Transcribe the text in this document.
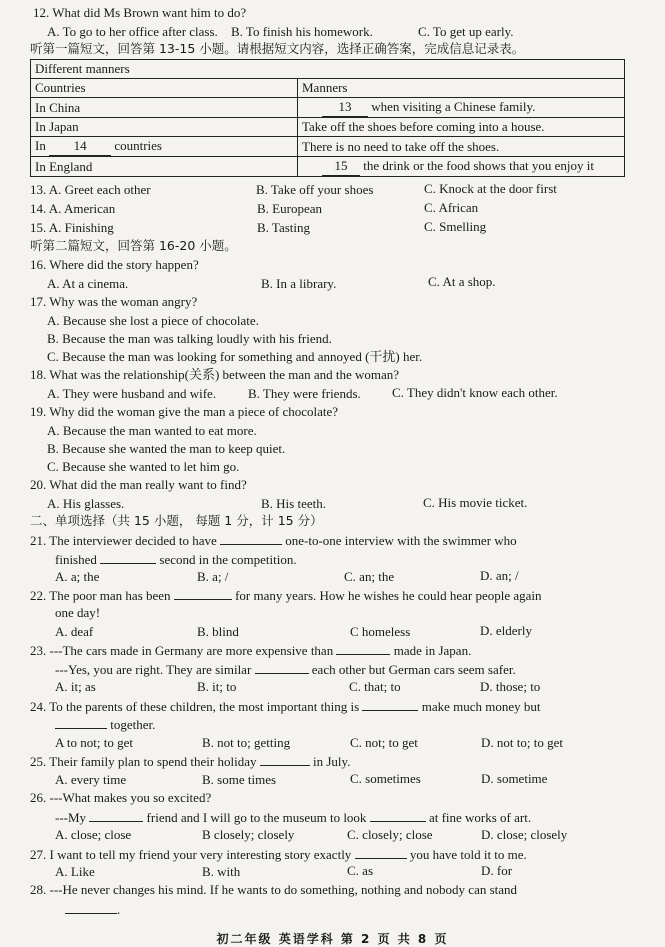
12. What did Ms Brown want him to do?
A. To go to her office after class. B. To finish his homework.	C. To get up early.
听第一篇短文，回答第 13-15 小题。请根据短文内容，选择正确答案，完成信息记录表。
Different manners	
Countries	Manners
In China	13 when visiting a Chinese family.
In Japan	Take off the shoes before coming into a house.
In 14 countries	There is no need to take off the shoes.
In England	15 the drink or the food shows that you enjoy it
13. A. Greet each other	B. Take off your shoes	C. Knock at the door first
14. A. American	B. European	C. African
15. A. Finishing	B. Tasting	C. Smelling
听第二篇短文，回答第 16-20 小题。
16. Where did the story happen?
A. At a cinema.	B. In a library.	C. At a shop.
17. Why was the woman angry?
A. Because she lost a piece of chocolate.
B. Because the man was talking loudly with his friend.
C. Because the man was looking for something and annoyed (干扰) her.
18. What was the relationship(关系) between the man and the woman?
A. They were husband and wife. B. They were friends. C. They didn't know each other.
19. Why did the woman give the man a piece of chocolate?
A. Because the man wanted to eat more.
B. Because she wanted the man to keep quiet.
C. Because she wanted to let him go.
20. What did the man really want to find?
A. His glasses.	B. His teeth.	C. His movie ticket.
二、单项选择（共 15 小题， 每题 1 分，计 15 分）
21. The interviewer decided to have	one-to-one interview with the swimmer who
finished	second in the competition.
A. a; the	B. a; /	C. an; the	D. an; /
22. The poor man has been	for many years. How he wishes he could hear people again
one day!
A. deaf	B. blind	C homeless	D. elderly
23. ---The cars made in Germany are more expensive than	made in Japan.
---Yes, you are right. They are similar	each other but German cars seem safer.
A. it; as	B. it; to	C. that; to	D. those; to
24. To the parents of these children, the most important thing is	make much money but
together.
A to not; to get	B. not to; getting	C. not; to get	D. not to; to get
25. Their family plan to spend their holiday	in July.
A. every time	B. some times	C. sometimes	D. sometime
26. ---What makes you so excited?
---My	friend and I will go to the museum to look	at fine works of art.
A. close; close	B closely; closely	C. closely; close	D. close; closely
27. I want to tell my friend your very interesting story exactly	you have told it to me.
A. Like	B. with	C. as	D. for
28. ---He never changes his mind. If he wants to do something, nothing and nobody can stand
.
初二年级 英语学科 第 2 页 共 8 页
